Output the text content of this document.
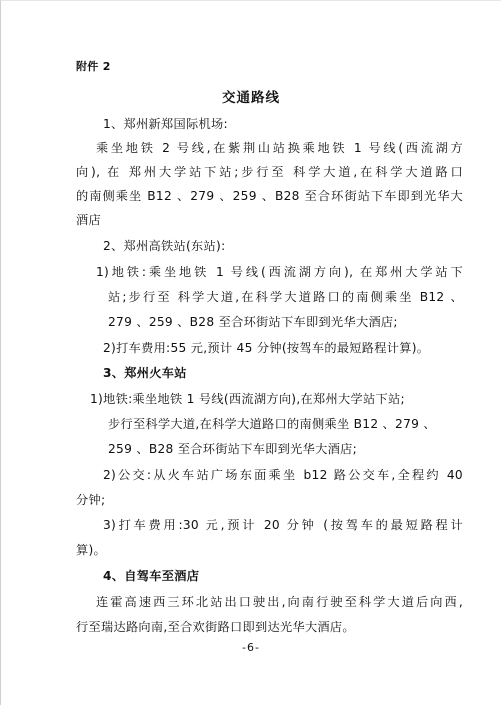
附件 2
交通路线
1、郑州新郑国际机场:
乘坐地铁 2 号线,在紫荆山站换乘地铁 1 号线(西流湖方
向), 在 郑州大学站下站;步行至 科学大道,在科学大道路口
的南侧乘坐 B12 、279 、259 、B28 至合环街站下车即到光华大
酒店
2、郑州高铁站(东站):
1)地铁:乘坐地铁 1 号线(西流湖方向), 在郑州大学站下
站;步行至 科学大道,在科学大道路口的南侧乘坐 B12 、
279 、259 、B28 至合环街站下车即到光华大酒店;
2)打车费用:55 元,预计 45 分钟(按驾车的最短路程计算)。
3、郑州火车站
1)地铁:乘坐地铁 1 号线(西流湖方向),在郑州大学站下站;
步行至科学大道,在科学大道路口的南侧乘坐 B12 、279 、
259 、B28 至合环街站下车即到光华大酒店;
2)公交:从火车站广场东面乘坐 b12 路公交车,全程约 40
分钟;
3)打车费用:30 元,预计 20 分钟 (按驾车的最短路程计
算)。
4、自驾车至酒店
连霍高速西三环北站出口驶出,向南行驶至科学大道后向西,
行至瑞达路向南,至合欢街路口即到达光华大酒店。
-6-
